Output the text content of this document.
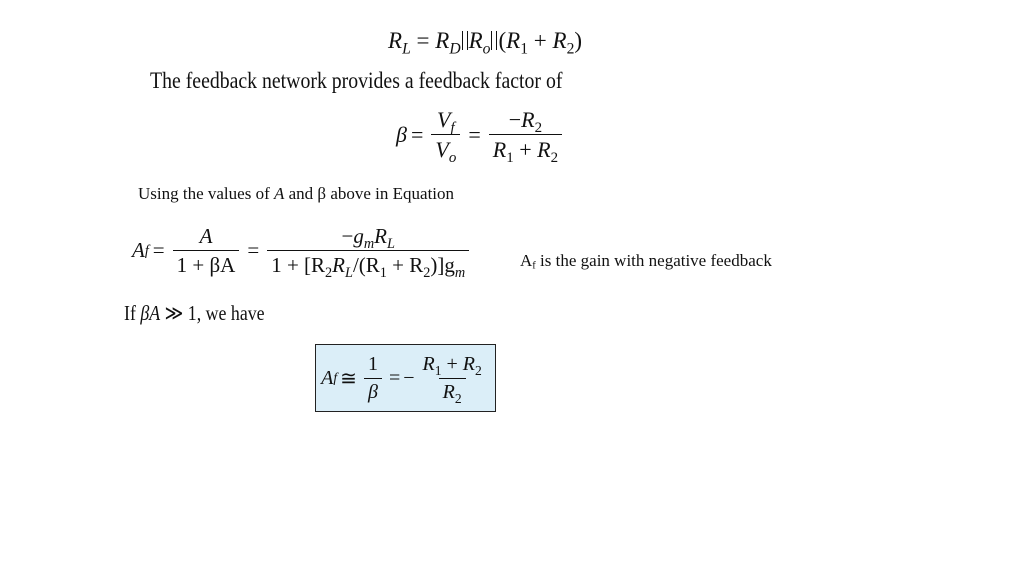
$R_L = R_D$ $R_o$ $(R_1 + R_2)$
The feedback network provides a feedback factor of
$\beta = \frac{V_f}{V_o} = \frac{-R_2}{R_1 + R_2}$
Using the values of A and β above in Equation
A $f = \frac{A}{1 + \beta A} = \frac{-g_mR_L}{1 + [R_2R_L/(R_1 + R_2)]g_m}$	$A_f$ is the gain with negative feedback
If βA ≫ 1, we have
A f ≅ $\frac{1}{\beta}$ = − $\frac{R_1 + R_2}{R_2}$
